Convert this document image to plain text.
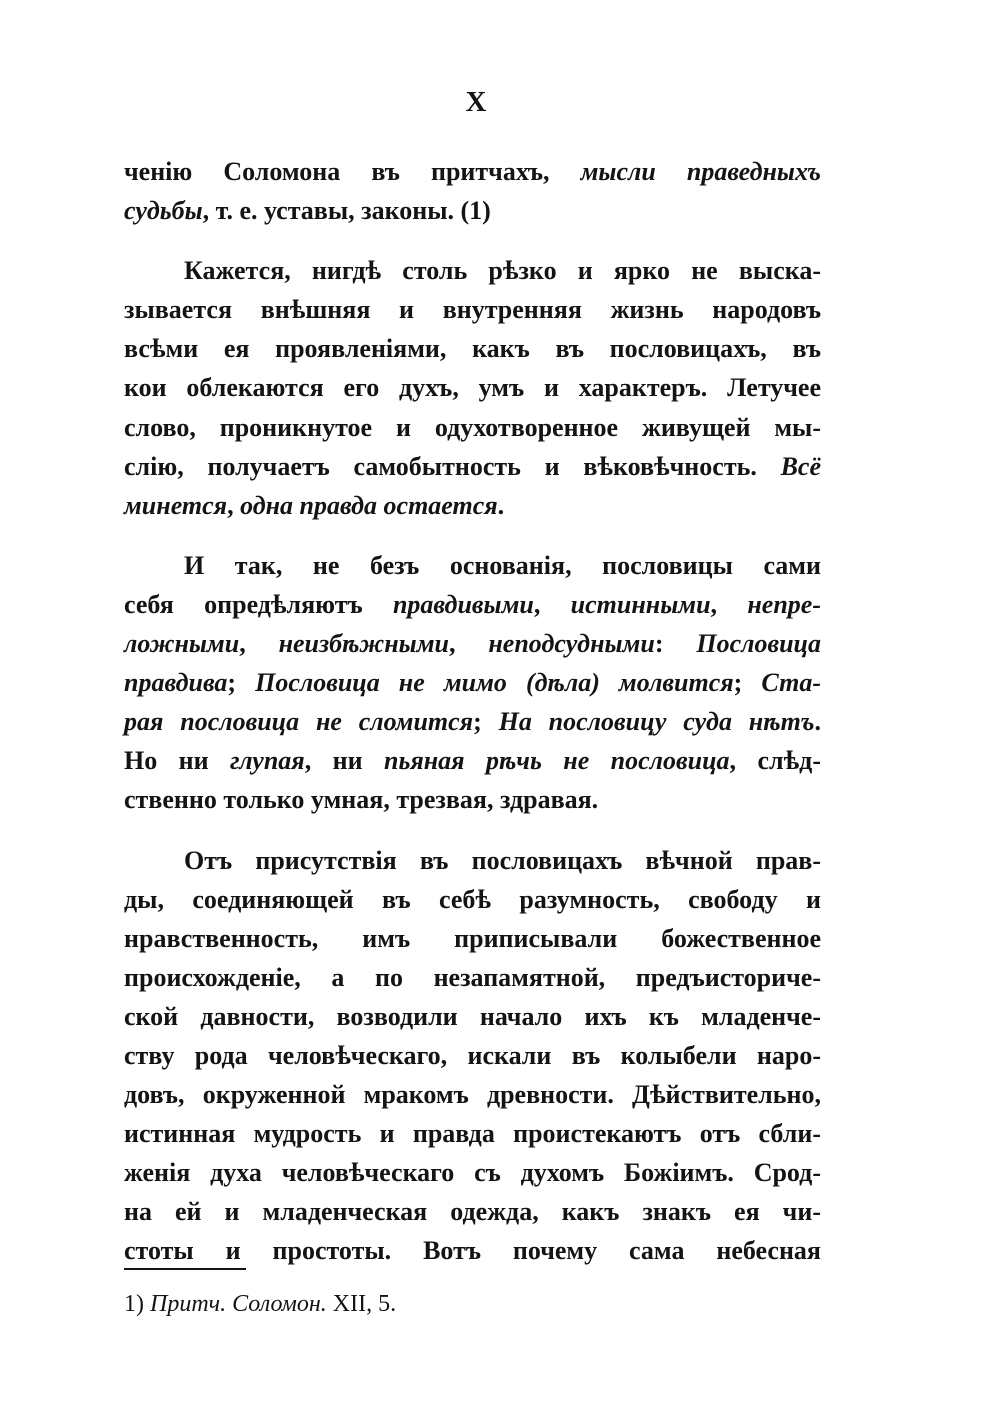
X
ченію Соломона въ притчахъ, мысли праведныхъ
судьбы, т. е. уставы, законы. (1)
Кажется, нигдѣ столь рѣзко и ярко не выска-
зывается внѣшняя и внутренняя жизнь народовъ
всѣми ея проявленіями, какъ въ пословицахъ, въ
кои облекаются его духъ, умъ и характеръ. Летучее
слово, проникнутое и одухотворенное живущей мы-
слію, получаетъ самобытность и вѣковѣчность. Всё
минется, одна правда остается.
И так, не безъ основанія, пословицы сами
себя опредѣляютъ правдивыми, истинными, непре-
ложными, неизбѣжными, неподсудными: Пословица
правдива; Пословица не мимо (дѣла) молвится; Ста-
рая пословица не сломится; На пословицу суда нѣтъ.
Но ни глупая, ни пьяная рѣчь не пословица, слѣд-
ственно только умная, трезвая, здравая.
Отъ присутствія въ пословицахъ вѣчной прав-
ды, соединяющей въ себѣ разумность, свободу и
нравственность, имъ приписывали божественное
происхожденіе, а по незапамятной, предъисториче-
ской давности, возводили начало ихъ къ младенче-
ству рода человѣческаго, искали въ колыбели наро-
довъ, окруженной мракомъ древности. Дѣйствительно,
истинная мудрость и правда проистекаютъ отъ сбли-
женія духа человѣческаго съ духомъ Божіимъ. Срод-
на ей и младенческая одежда, какъ знакъ ея чи-
стоты и простоты. Вотъ почему сама небесная
1) Притч. Соломон. XII, 5.
